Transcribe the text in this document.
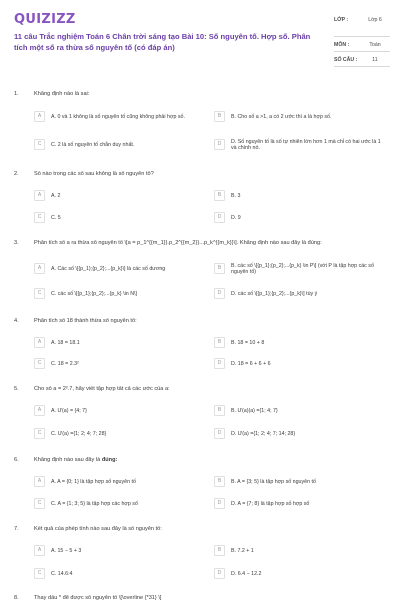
QUIZIZZ
11 câu Trắc nghiệm Toán 6 Chân trời sáng tạo Bài 10: Số nguyên tố. Hợp số. Phân tích một số ra thừa số nguyên tố (có đáp án)
LỚP :	Lớp 6
MÔN :	Toán
SỐ CÂU :	11
1.	Khẳng định nào là sai:
A	A. 0 và 1 không là số nguyên tố cũng không phải hợp số.	B	B. Cho số a >1, a có 2 ước thì a là hợp số.
C	C. 2 là số nguyên tố chẵn duy nhất.	D	D. Số nguyên tố là số tự nhiên lớn hơn 1 mà chỉ có hai ước là 1 và chính nó.
2.	Số nào trong các số sau không là số nguyên tố?
A	A. 2	B	B. 3
C	C. 5	D	D. 9
3.	Phân tích số a ra thừa số nguyên tố \[a = p_1^{{m_1}}.p_2^{{m_2}}...p_k^{{m_k}}\]. Khẳng định nào sau đây là đúng:
A	A. Các số \[{p_1};{p_2};...{p_k}\] là các số dương	B	B. các số \[{p_1};{p_2};...{p_k} \in P\] (với P là tập hợp các số nguyên tố)
C	C. các số \[{p_1};{p_2};...{p_k} \in N\]	D	D. các số \[{p_1};{p_2};...{p_k}\] tùy ý
4.	Phân tích số 18 thành thừa số nguyên tố:
A	A. 18 = 18.1	B	B. 18 = 10 + 8
C	C. 18 = 2.3²	D	D. 18 = 6 + 6 + 6
5.	Cho số a = 2².7, hãy viết tập hợp tất cả các ước của a:
A	A. Ư(a) = {4; 7}	B	B. Ư(a)(a) ={1; 4; 7}
C	C. Ư(a) ={1; 2; 4; 7; 28}	D	D. Ư(a) ={1; 2; 4; 7; 14; 28}
6.	Khẳng định nào sau đây là đúng:
A	A. A = {0; 1} là tập hợp số nguyên tố	B	B. A = {3; 5} là tập hợp số nguyên tố
C	C. A = {1; 3; 5} là tập hợp các hợp số	D	D. A = {7; 8} là tập hợp số hợp số
7.	Kết quả của phép tính nào sau đây là số nguyên tố:
A	A. 15 − 5 + 3	B	B. 7.2 + 1
C	C. 14.6:4	D	D. 6.4 − 12.2
8.	Thay dấu * để được số nguyên tố \[\overline {*31} \]
